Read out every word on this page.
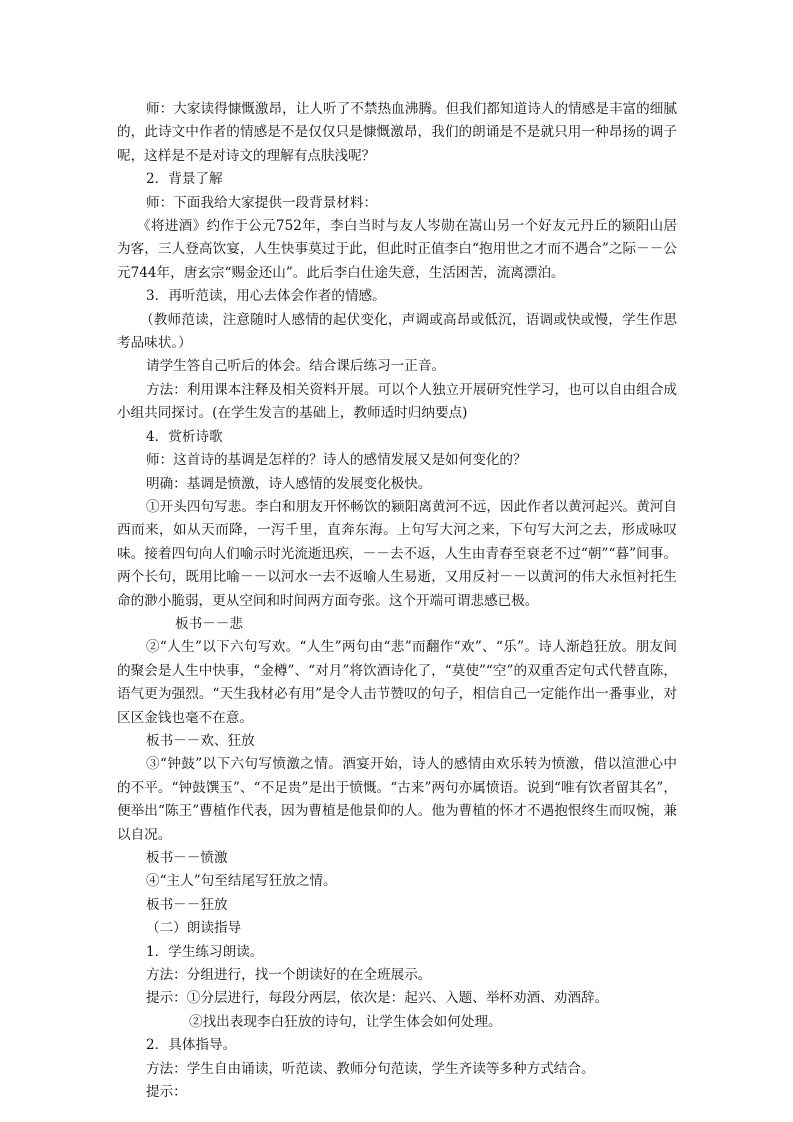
师：大家读得慷慨激昂，让人听了不禁热血沸腾。但我们都知道诗人的情感是丰富的细腻的，此诗文中作者的情感是不是仅仅只是慷慨激昂，我们的朗诵是不是就只用一种昂扬的调子呢，这样是不是对诗文的理解有点肤浅呢？

2．背景了解

师：下面我给大家提供一段背景材料：

《将进酒》约作于公元752年，李白当时与友人岑勋在嵩山另一个好友元丹丘的颍阳山居为客，三人登高饮宴，人生快事莫过于此，但此时正值李白“抱用世之才而不遇合”之际－－公元744年，唐玄宗“赐金还山”。此后李白仕途失意，生活困苦，流离漂泊。

3．再听范读，用心去体会作者的情感。

（教师范读，注意随时人感情的起伏变化，声调或高昂或低沉，语调或快或慢，学生作思考品味状。）

请学生答自己听后的体会。结合课后练习一正音。

方法：利用课本注释及相关资料开展。可以个人独立开展研究性学习，也可以自由组合成小组共同探讨。(在学生发言的基础上，教师适时归纳要点)

4．赏析诗歌

师：这首诗的基调是怎样的？诗人的感情发展又是如何变化的？

明确：基调是愤激，诗人感情的发展变化极快。

①开头四句写悲。李白和朋友开怀畅饮的颍阳离黄河不远，因此作者以黄河起兴。黄河自西而来，如从天而降，一泻千里，直奔东海。上句写大河之来，下句写大河之去，形成咏叹味。接着四句向人们喻示时光流逝迅疾，－－去不返，人生由青春至衰老不过“朝”“暮”间事。两个长句，既用比喻－－以河水一去不返喻人生易逝，又用反衬－－以黄河的伟大永恒衬托生命的渺小脆弱，更从空间和时间两方面夸张。这个开端可谓悲感已极。

板书－－悲

②“人生”以下六句写欢。“人生”两句由“悲”而翻作“欢”、“乐”。诗人渐趋狂放。朋友间的聚会是人生中快事，“金樽”、“对月”将饮酒诗化了，“莫使”“空”的双重否定句式代替直陈，语气更为强烈。“天生我材必有用”是令人击节赞叹的句子，相信自己一定能作出一番事业，对区区金钱也毫不在意。

板书－－欢、狂放

③“钟鼓”以下六句写愤激之情。酒宴开始，诗人的感情由欢乐转为愤激，借以渲泄心中 的不平。“钟鼓馔玉”、“不足贵”是出于愤慨。“古来”两句亦属愤语。说到“唯有饮者留其名”，便举出“陈王”曹植作代表，因为曹植是他景仰的人。他为曹植的怀才不遇抱恨终生而叹惋，兼以自况。

板书－－愤激

④“主人”句至结尾写狂放之情。

板书－－狂放

（二）朗读指导

1．学生练习朗读。

方法：分组进行，找一个朗读好的在全班展示。

提示：①分层进行，每段分两层，依次是：起兴、入题、举杯劝酒、劝酒辞。

②找出表现李白狂放的诗句，让学生体会如何处理。

2．具体指导。

方法：学生自由诵读，听范读、教师分句范读，学生齐读等多种方式结合。

提示：
